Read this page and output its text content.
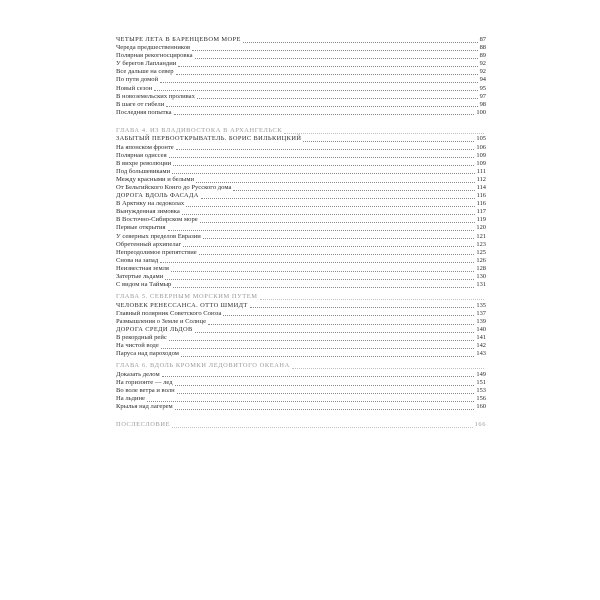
ЧЕТЫРЕ ЛЕТА В БАРЕНЦЕВОМ МОРЕ	87
Череда предшественников	88
Полярная рекогносцировка	89
У берегов Лапландии	92
Все дальше на север	92
По пути домой	94
Новый сезон	95
В новоземельских проливах	97
В шаге от гибели	98
Последняя попытка	100
ГЛАВА 4. ИЗ ВЛАДИВОСТОКА В АРХАНГЕЛЬСК
ЗАБЫТЫЙ ПЕРВООТКРЫВАТЕЛЬ. БОРИС ВИЛЬКИЦКИЙ	105
На японском фронте	106
Полярная одиссея	109
В вихре революции	109
Под большевиками	111
Между красными и белыми	112
От Бельгийского Конго до Русского дома	114
ДОРОГА ВДОЛЬ ФАСАДА	116
В Арктику на ледоколах	116
Вынужденная зимовка	117
В Восточно-Сибирском море	119
Первые открытия	120
У северных пределов Евразии	121
Обретенный архипелаг	123
Непреодолимое препятствие	125
Снова на запад	126
Неизвестная земля	128
Затертые льдами	130
С видом на Таймыр	131
ГЛАВА 5. СЕВЕРНЫМ МОРСКИМ ПУТЕМ
ЧЕЛОВЕК РЕНЕССАНСА. ОТТО ШМИДТ	135
Главный полярник Советского Союза	137
Размышления о Земле и Солнце	139
ДОРОГА СРЕДИ ЛЬДОВ	140
В рекордный рейс	141
На чистой воде	142
Паруса над пароходом	143
ГЛАВА 6. ВДОЛЬ КРОМКИ ЛЕДОВИТОГО ОКЕАНА
Доказать делом	149
На горизонте — лед	151
Во воле ветра и волн	153
На льдине	156
Крылья над лагерем	160
ПОСЛЕСЛОВИЕ	166
